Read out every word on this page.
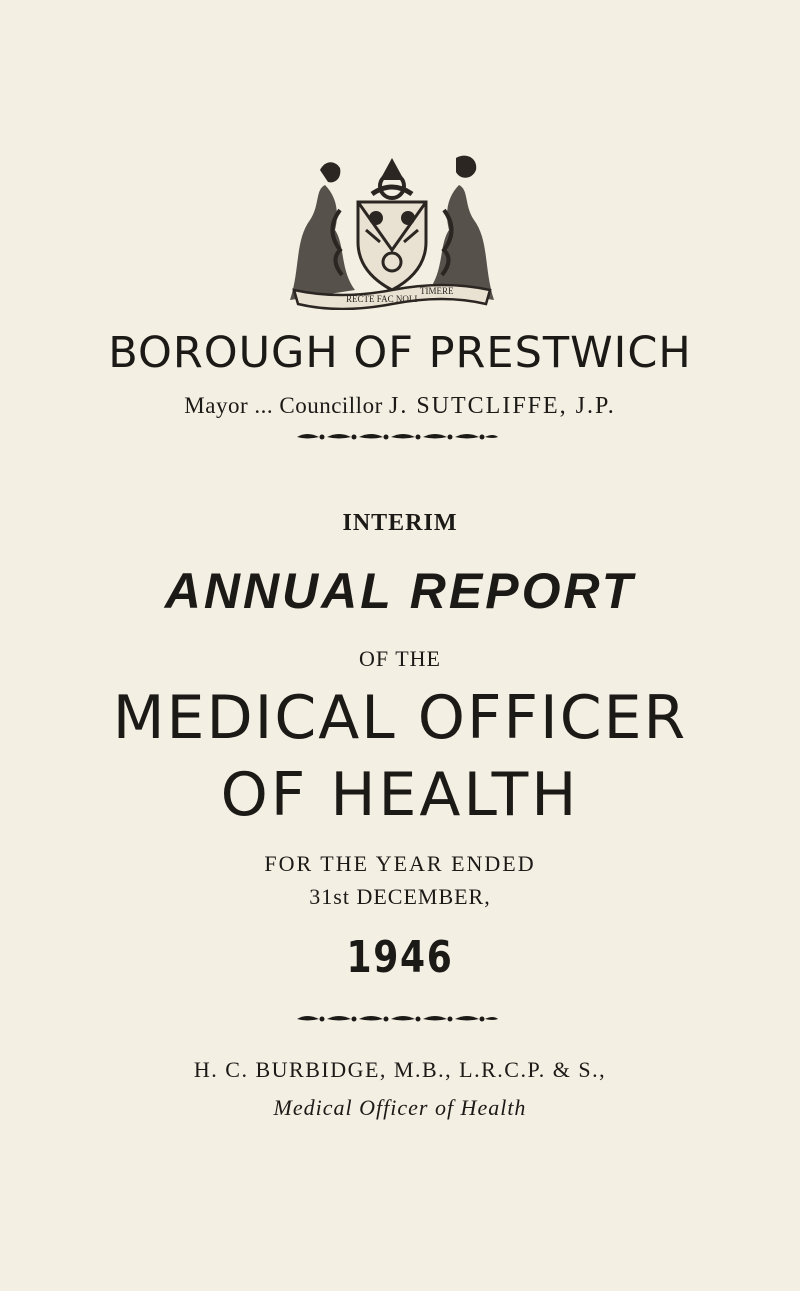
RECTE FAC NOLI
TIMERE
BOROUGH OF PRESTWICH
Mayor ... Councillor J. SUTCLIFFE, J.P.
INTERIM
ANNUAL REPORT
OF THE
MEDICAL OFFICER
OF HEALTH
FOR THE YEAR ENDED
31st DECEMBER,
1946
H. C. BURBIDGE, M.B., L.R.C.P. & S.,
Medical Officer of Health
